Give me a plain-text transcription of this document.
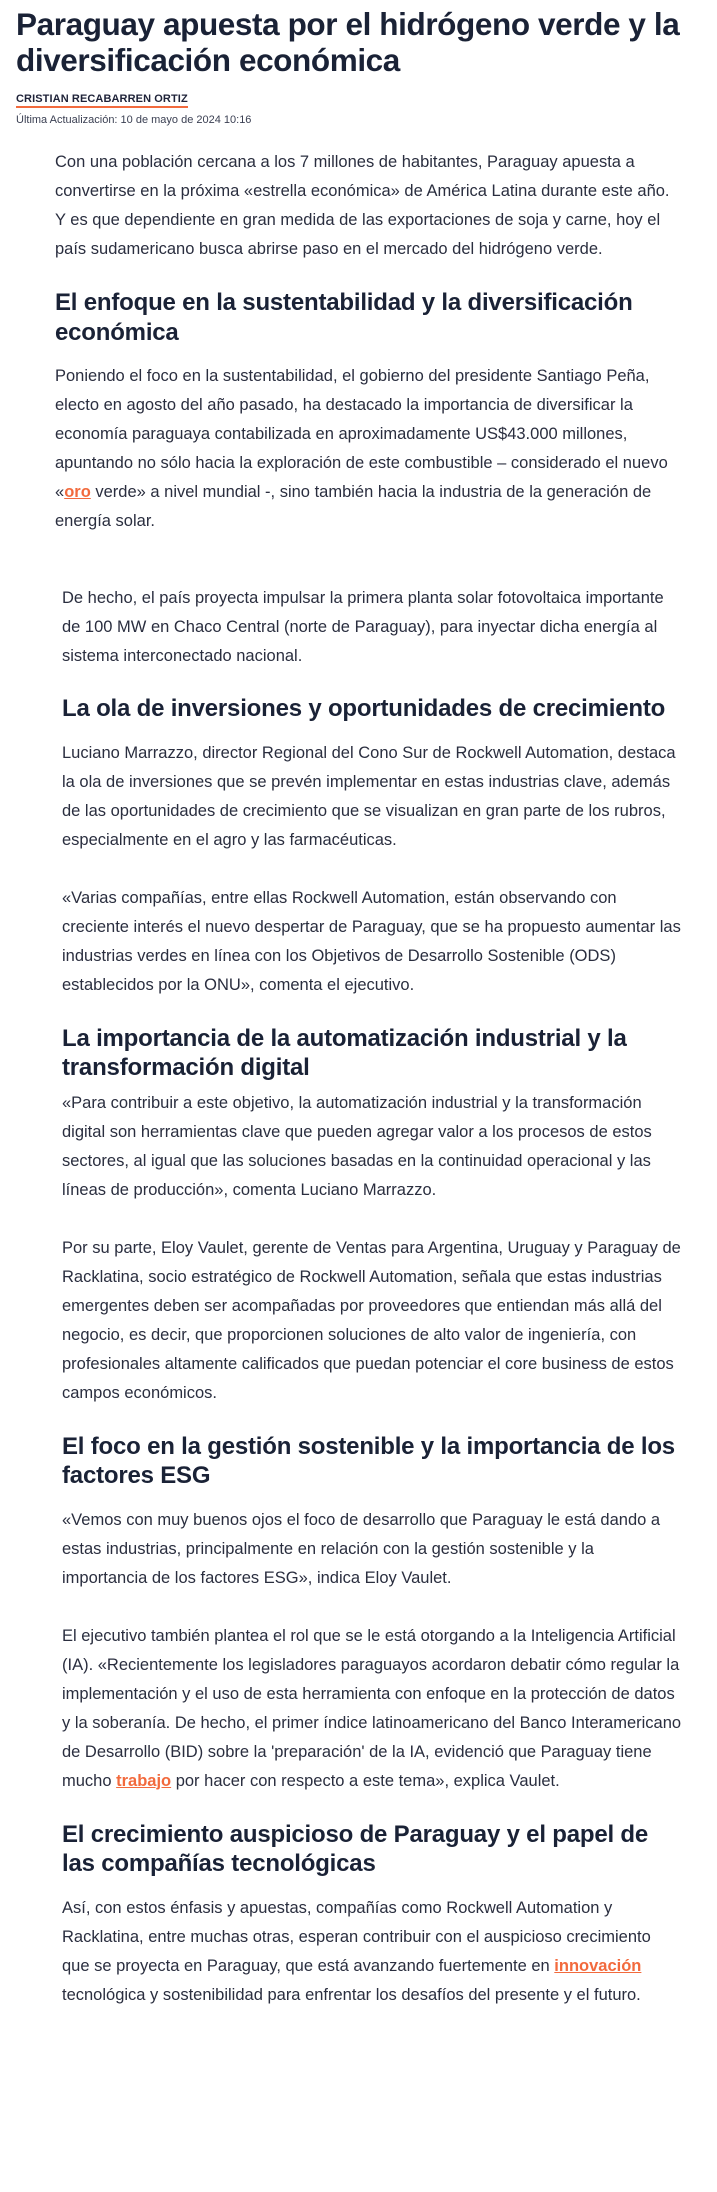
Paraguay apuesta por el hidrógeno verde y la diversificación económica
CRISTIAN RECABARREN ORTIZ
Última Actualización: 10 de mayo de 2024 10:16

Con una población cercana a los 7 millones de habitantes, Paraguay apuesta a convertirse en la próxima «estrella económica» de América Latina durante este año. Y es que dependiente en gran medida de las exportaciones de soja y carne, hoy el país sudamericano busca abrirse paso en el mercado del hidrógeno verde.

El enfoque en la sustentabilidad y la diversificación económica

Poniendo el foco en la sustentabilidad, el gobierno del presidente Santiago Peña, electo en agosto del año pasado, ha destacado la importancia de diversificar la economía paraguaya contabilizada en aproximadamente US$43.000 millones, apuntando no sólo hacia la exploración de este combustible – considerado el nuevo «oro verde» a nivel mundial -, sino también hacia la industria de la generación de energía solar.

De hecho, el país proyecta impulsar la primera planta solar fotovoltaica importante de 100 MW en Chaco Central (norte de Paraguay), para inyectar dicha energía al sistema interconectado nacional.

La ola de inversiones y oportunidades de crecimiento

Luciano Marrazzo, director Regional del Cono Sur de Rockwell Automation, destaca la ola de inversiones que se prevén implementar en estas industrias clave, además de las oportunidades de crecimiento que se visualizan en gran parte de los rubros, especialmente en el agro y las farmacéuticas.

«Varias compañías, entre ellas Rockwell Automation, están observando con creciente interés el nuevo despertar de Paraguay, que se ha propuesto aumentar las industrias verdes en línea con los Objetivos de Desarrollo Sostenible (ODS) establecidos por la ONU», comenta el ejecutivo.

La importancia de la automatización industrial y la transformación digital

«Para contribuir a este objetivo, la automatización industrial y la transformación digital son herramientas clave que pueden agregar valor a los procesos de estos sectores, al igual que las soluciones basadas en la continuidad operacional y las líneas de producción», comenta Luciano Marrazzo.

Por su parte, Eloy Vaulet, gerente de Ventas para Argentina, Uruguay y Paraguay de Racklatina, socio estratégico de Rockwell Automation, señala que estas industrias emergentes deben ser acompañadas por proveedores que entiendan más allá del negocio, es decir, que proporcionen soluciones de alto valor de ingeniería, con profesionales altamente calificados que puedan potenciar el core business de estos campos económicos.

El foco en la gestión sostenible y la importancia de los factores ESG

«Vemos con muy buenos ojos el foco de desarrollo que Paraguay le está dando a estas industrias, principalmente en relación con la gestión sostenible y la importancia de los factores ESG», indica Eloy Vaulet.

El ejecutivo también plantea el rol que se le está otorgando a la Inteligencia Artificial (IA). «Recientemente los legisladores paraguayos acordaron debatir cómo regular la implementación y el uso de esta herramienta con enfoque en la protección de datos y la soberanía. De hecho, el primer índice latinoamericano del Banco Interamericano de Desarrollo (BID) sobre la 'preparación' de la IA, evidenció que Paraguay tiene mucho trabajo por hacer con respecto a este tema», explica Vaulet.

El crecimiento auspicioso de Paraguay y el papel de las compañías tecnológicas

Así, con estos énfasis y apuestas, compañías como Rockwell Automation y Racklatina, entre muchas otras, esperan contribuir con el auspicioso crecimiento que se proyecta en Paraguay, que está avanzando fuertemente en innovación tecnológica y sostenibilidad para enfrentar los desafíos del presente y el futuro.
